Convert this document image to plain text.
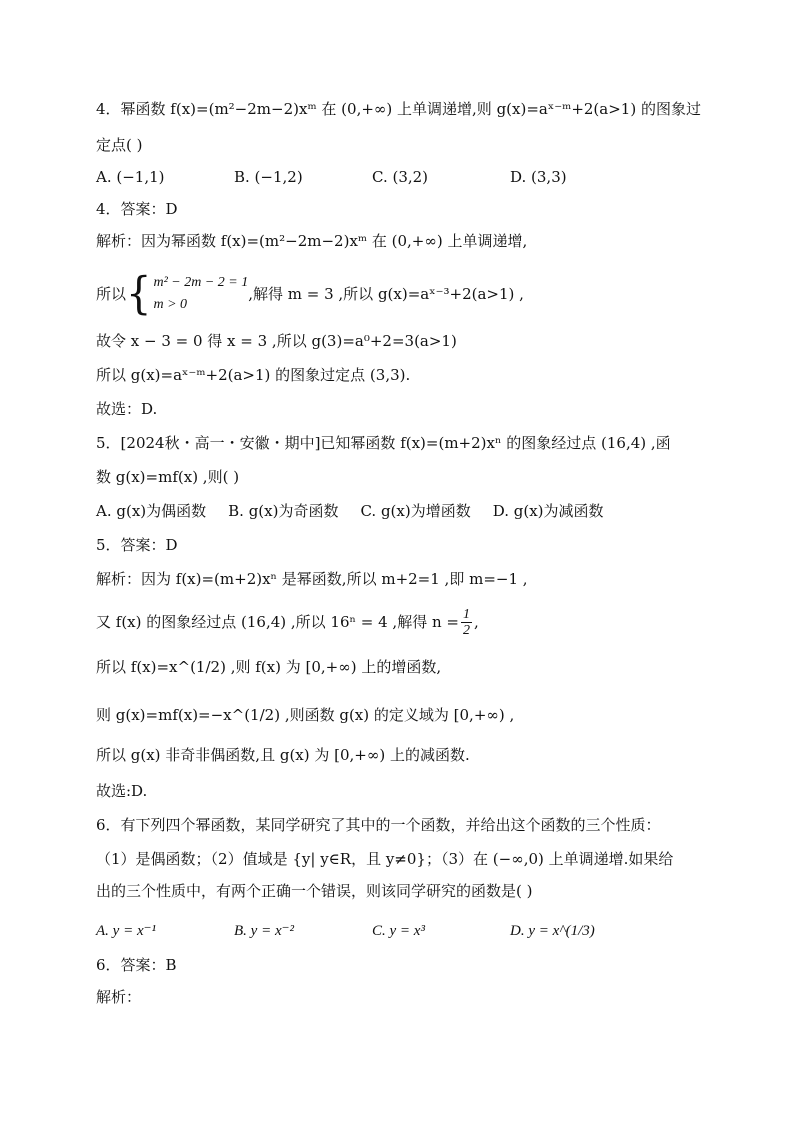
4．幂函数 f(x)=(m²−2m−2)xᵐ 在 (0,+∞) 上单调递增,则 g(x)=aˣ⁻ᵐ+2(a>1) 的图象过
定点( )
A. (−1,1)	B. (−1,2)	C. (3,2)	D. (3,3)
4．答案：D
解析：因为幂函数 f(x)=(m²−2m−2)xᵐ 在 (0,+∞) 上单调递增,
所以 { m² − 2m − 2 = 1
m > 0
,解得 m = 3 ,所以 g(x)=aˣ⁻³+2(a>1) ,
故令 x − 3 = 0 得 x = 3 ,所以 g(3)=a⁰+2=3(a>1)
所以 g(x)=aˣ⁻ᵐ+2(a>1) 的图象过定点 (3,3).
故选：D.
5．[2024秋・高一・安徽・期中]已知幂函数 f(x)=(m+2)xⁿ 的图象经过点 (16,4) ,函
数 g(x)=mf(x) ,则( )
A. g(x)为偶函数 B. g(x)为奇函数 C. g(x)为增函数 D. g(x)为减函数
5．答案：D
解析：因为 f(x)=(m+2)xⁿ 是幂函数,所以 m+2=1 ,即 m=−1 ,
又 f(x) 的图象经过点 (16,4) ,所以 16ⁿ = 4 ,解得 $n = \frac{1}{2}$ ,
所以 f(x)=x^(1/2) ,则 f(x) 为 [0,+∞) 上的增函数,
则 g(x)=mf(x)=−x^(1/2) ,则函数 g(x) 的定义域为 [0,+∞) ,
所以 g(x) 非奇非偶函数,且 g(x) 为 [0,+∞) 上的减函数.
故选:D.
6．有下列四个幂函数，某同学研究了其中的一个函数，并给出这个函数的三个性质：
（1）是偶函数；（2）值域是 {y| y∈R，且 y≠0}；（3）在 (−∞,0) 上单调递增.如果给
出的三个性质中，有两个正确一个错误，则该同学研究的函数是( )
A. y = x⁻¹	B. y = x⁻²	C. y = x³	D. y = x^(1/3)
6．答案：B
解析：
